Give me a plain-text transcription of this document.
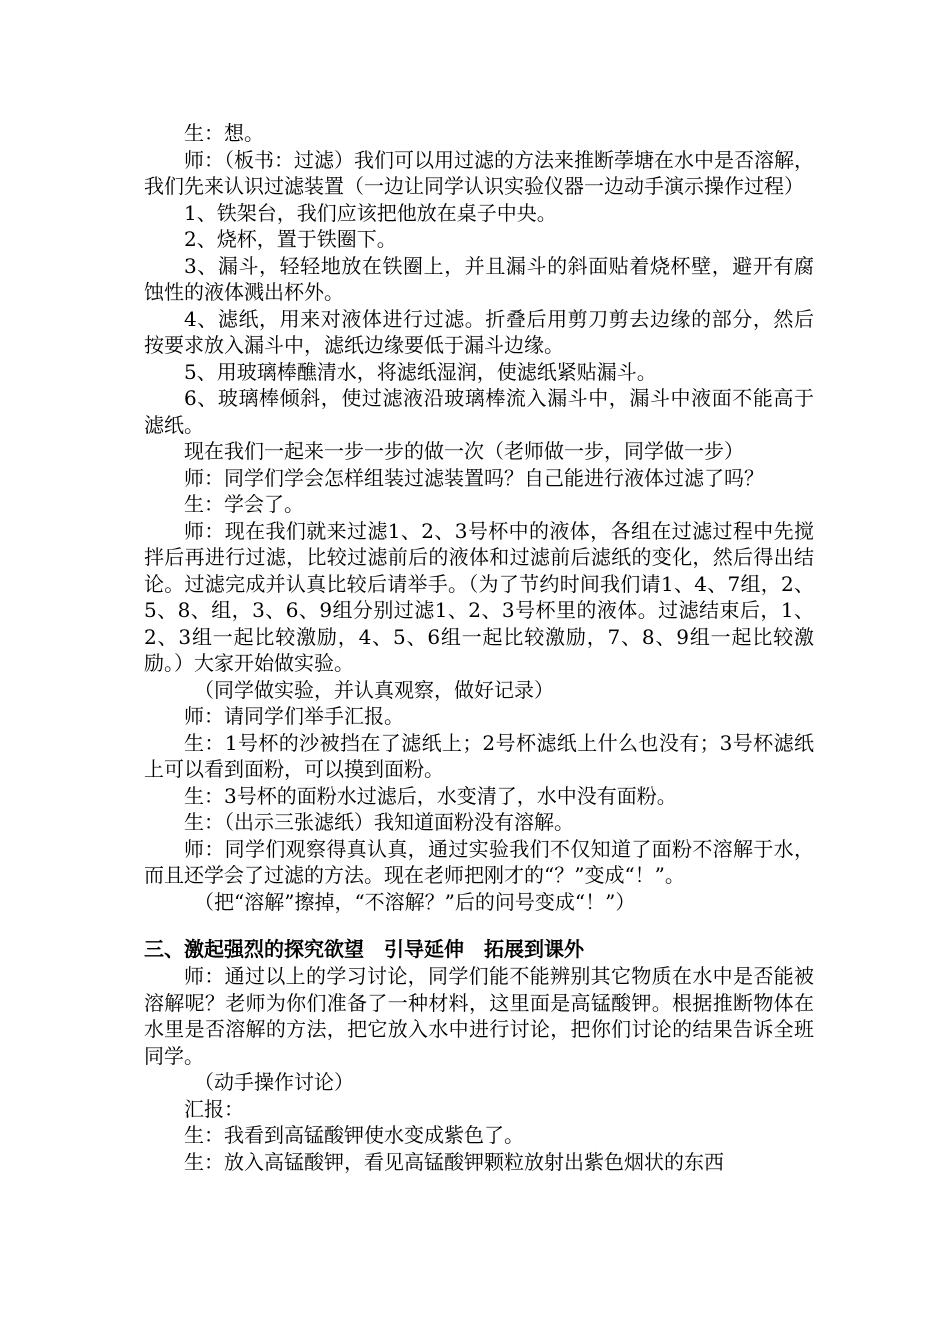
生：想。

师：（板书：过滤）我们可以用过滤的方法来推断荸塘在水中是否溶解，我们先来认识过滤装置（一边让同学认识实验仪器一边动手演示操作过程）

1、铁架台，我们应该把他放在桌子中央。

2、烧杯，置于铁圈下。

3、漏斗，轻轻地放在铁圈上，并且漏斗的斜面贴着烧杯壁，避开有腐蚀性的液体溅出杯外。

4、滤纸，用来对液体进行过滤。折叠后用剪刀剪去边缘的部分，然后按要求放入漏斗中，滤纸边缘要低于漏斗边缘。

5、用玻璃棒醮清水，将滤纸湿润，使滤纸紧贴漏斗。

6、玻璃棒倾斜，使过滤液沿玻璃棒流入漏斗中，漏斗中液面不能高于滤纸。

现在我们一起来一步一步的做一次（老师做一步，同学做一步）

师：同学们学会怎样组装过滤装置吗？自己能进行液体过滤了吗？

生：学会了。

师：现在我们就来过滤1、2、3号杯中的液体，各组在过滤过程中先搅拌后再进行过滤，比较过滤前后的液体和过滤前后滤纸的变化，然后得出结论。过滤完成并认真比较后请举手。（为了节约时间我们请1、4、7组，2、5、8、组，3、6、9组分别过滤1、2、3号杯里的液体。过滤结束后，1、2、3组一起比较激励，4、5、6组一起比较激励，7、8、9组一起比较激励。）大家开始做实验。

（同学做实验，并认真观察，做好记录）

师：请同学们举手汇报。

生：1号杯的沙被挡在了滤纸上；2号杯滤纸上什么也没有；3号杯滤纸上可以看到面粉，可以摸到面粉。

生：3号杯的面粉水过滤后，水变清了，水中没有面粉。

生：（出示三张滤纸）我知道面粉没有溶解。

师：同学们观察得真认真，通过实验我们不仅知道了面粉不溶解于水，而且还学会了过滤的方法。现在老师把刚才的“？”变成“！”。

（把“溶解”擦掉，“不溶解？”后的问号变成“！”）

三、激起强烈的探究欲望　引导延伸　拓展到课外

师：通过以上的学习讨论，同学们能不能辨别其它物质在水中是否能被溶解呢？老师为你们准备了一种材料，这里面是高锰酸钾。根据推断物体在水里是否溶解的方法，把它放入水中进行讨论，把你们讨论的结果告诉全班同学。

（动手操作讨论）

汇报：

生：我看到高锰酸钾使水变成紫色了。

生：放入高锰酸钾，看见高锰酸钾颗粒放射出紫色烟状的东西
